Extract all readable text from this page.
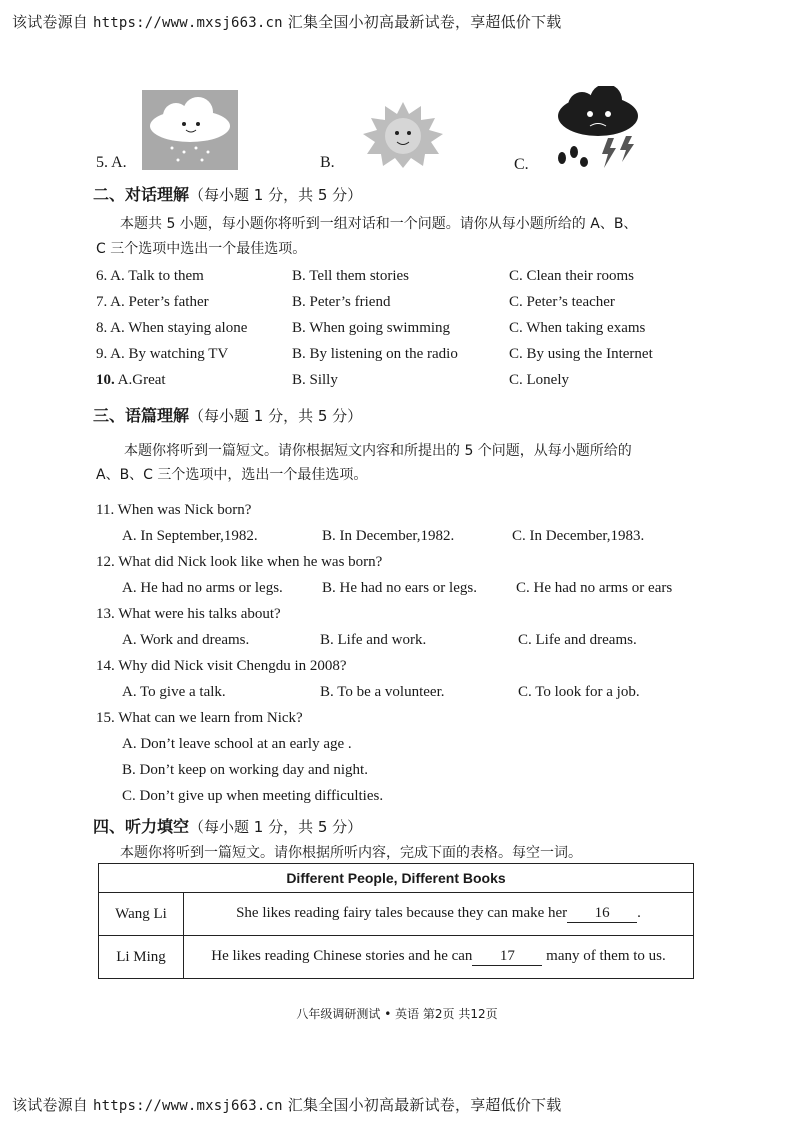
该试卷源自 https://www.mxsj663.cn 汇集全国小初高最新试卷，享超低价下载
5. A.	B.	C.
二、对话理解（每小题 1 分，共 5 分）
本题共 5 小题，每小题你将听到一组对话和一个问题。请你从每小题所给的 A、B、
C 三个选项中选出一个最佳选项。
6. A. Talk to them	B. Tell them stories	C. Clean their rooms
7. A. Peter’s father	B. Peter’s friend	C. Peter’s teacher
8. A. When staying alone	B. When going swimming	C. When taking exams
9. A. By watching TV	B. By listening on the radio	C. By using the Internet
10. A.Great	B. Silly	C. Lonely
三、语篇理解（每小题 1 分，共 5 分）
本题你将听到一篇短文。请你根据短文内容和所提出的 5 个问题，从每小题所给的
A、B、C 三个选项中，选出一个最佳选项。
11. When was Nick born?
A. In September,1982.	B. In December,1982.	C. In December,1983.
12. What did Nick look like when he was born?
A. He had no arms or legs.	B. He had no ears or legs.	C. He had no arms or ears
13. What were his talks about?
A. Work and dreams.	B. Life and work.	C. Life and dreams.
14. Why did Nick visit Chengdu in 2008?
A. To give a talk.	B. To be a volunteer.	C. To look for a job.
15. What can we learn from Nick?
A. Don’t leave school at an early age .
B. Don’t keep on working day and night.
C. Don’t give up when meeting difficulties.
四、听力填空（每小题 1 分，共 5 分）
本题你将听到一篇短文。请你根据所听内容，完成下面的表格。每空一词。
Different People, Different Books	
Wang Li	She likes reading fairy tales because they can make her 16 .
Li Ming	He likes reading Chinese stories and he can 17 many of them to us.
八年级调研测试 • 英语 第2页 共12页
该试卷源自 https://www.mxsj663.cn 汇集全国小初高最新试卷，享超低价下载
